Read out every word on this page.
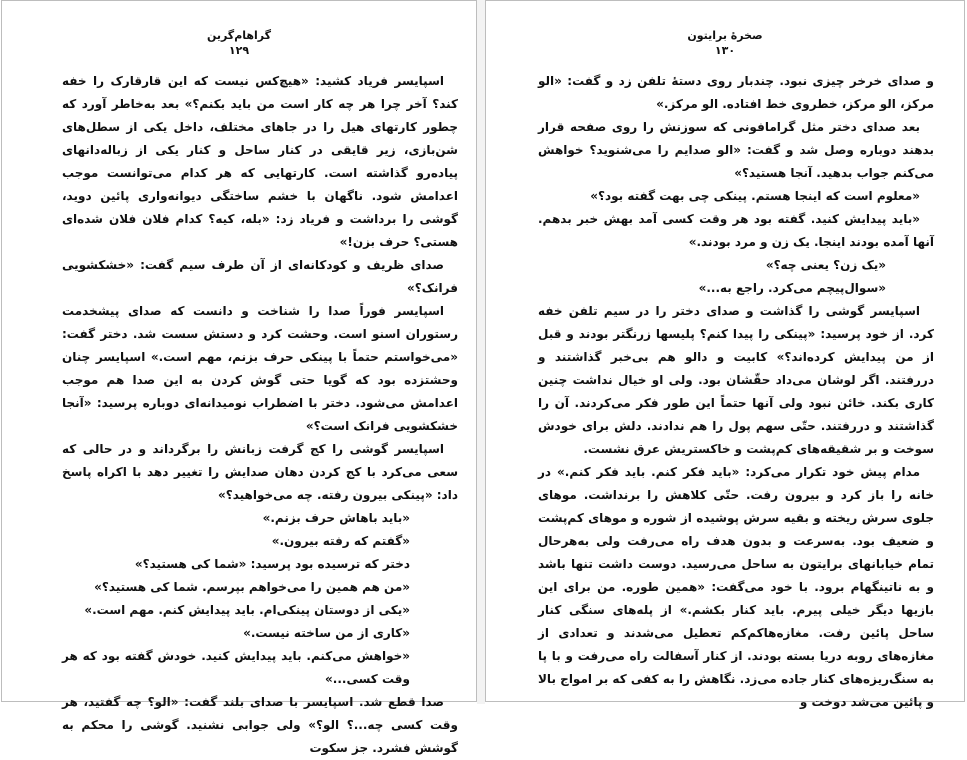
گراهام‌گرین
۱۲۹

اسپایسر فریاد کشید: «هیچ‌کس نیست که این قارقارک را خفه کند؟ آخر چرا هر چه کار است من باید بکنم؟» بعد به‌خاطر آورد که چطور کارتهای هیل را در جاهای مختلف، داخل یکی از سطل‌های شن‌بازی، زیر قایقی در کنار ساحل و کنار یکی از زباله‌دانهای پیاده‌رو گذاشته است. کارتهایی که هر کدام می‌توانست موجب اعدامش شود. ناگهان با خشم ساختگی دیوانه‌واری پائین دوید، گوشی را برداشت و فریاد زد: «بله، کیه؟ کدام فلان فلان شده‌ای هستی؟ حرف بزن!»

صدای ظریف و کودکانه‌ای از آن طرف سیم گفت: «خشکشویی فرانک؟»

اسپایسر فوراً صدا را شناخت و دانست که صدای پیشخدمت رستوران اسنو است. وحشت کرد و دستش سست شد. دختر گفت: «می‌خواستم حتماً با پینکی حرف بزنم، مهم است.» اسپایسر چنان وحشتزده بود که گویا حتی گوش کردن به این صدا هم موجب اعدامش می‌شود. دختر با اضطراب نومیدانه‌ای دوباره پرسید: «آنجا خشکشویی فرانک است؟»

اسپایسر گوشی را کج گرفت زبانش را برگرداند و در حالی که سعی می‌کرد با کج کردن دهان صدایش را تغییر دهد با اکراه پاسخ داد: «پینکی بیرون رفته. چه می‌خواهید؟»

«باید باهاش حرف بزنم.»

«گفتم که رفته بیرون.»

دختر که ترسیده بود پرسید: «شما کی هستید؟»

«من هم همین را می‌خواهم بپرسم. شما کی هستید؟»

«یکی از دوستان پینکی‌ام. باید پیدایش کنم. مهم است.»

«کاری از من ساخته نیست.»

«خواهش می‌کنم. باید پیدایش کنید. خودش گفته بود که هر وقت کسی...»

صدا قطع شد. اسپایسر با صدای بلند گفت: «الو؟ چه گفتید، هر وقت کسی چه...؟ الو؟» ولی جوابی نشنید. گوشی را محکم به گوشش فشرد. جز سکوت

صخرهٔ برایتون
۱۳۰

و صدای خرخر چیزی نبود. چندبار روی دستهٔ تلفن زد و گفت: «الو مرکز، الو مرکز، خطروی خط افتاده. الو مرکز.»

بعد صدای دختر مثل گرامافونی که سوزنش را روی صفحه قرار بدهند دوباره وصل شد و گفت: «الو صدایم را می‌شنوید؟ خواهش می‌کنم جواب بدهید. آنجا هستید؟»

«معلوم است که اینجا هستم. پینکی چی بهت گفته بود؟»

«باید پیدایش کنید. گفته بود هر وقت کسی آمد بهش خبر بدهم. آنها آمده بودند اینجا. یک زن و مرد بودند.»

«یک زن؟ یعنی چه؟»

«سوال‌پیچم می‌کرد. راجع به...»

اسپایسر گوشی را گذاشت و صدای دختر را در سیم تلفن خفه کرد. از خود پرسید: «پینکی را پیدا کنم؟ پلیسها زرنگتر بودند و قبل از من پیدایش کرده‌اند؟» کابیت و دالو هم بی‌خبر گذاشتند و دررفتند. اگر لوشان می‌داد حقّشان بود. ولی او خیال نداشت چنین کاری بکند. خائن نبود ولی آنها حتماً این طور فکر می‌کردند. آن را گذاشتند و دررفتند. حتّی سهم پول را هم ندادند. دلش برای خودش سوخت و بر شقیقه‌های کم‌پشت و خاکستریش عرق نشست.

مدام پیش خود تکرار می‌کرد: «باید فکر کنم. باید فکر کنم.» در خانه را باز کرد و بیرون رفت. حتّی کلاهش را برنداشت. موهای جلوی سرش ریخته و بقیه سرش پوشیده از شوره و موهای کم‌پشت و ضعیف بود. به‌سرعت و بدون هدف راه می‌رفت ولی به‌هرحال تمام خیابانهای برایتون به ساحل می‌رسید. دوست داشت تنها باشد و به ناتینگهام برود. با خود می‌گفت: «همین طوره. من برای این بازیها دیگر خیلی پیرم. باید کنار بکشم.» از پله‌های سنگی کنار ساحل پائین رفت. مغازه‌هاکم‌کم تعطیل می‌شدند و تعدادی از مغازه‌های روبه دریا بسته بودند. از کنار آسفالت راه می‌رفت و با پا به سنگ‌ریزه‌های کنار جاده می‌زد. نگاهش را به کفی که بر امواج بالا و پائین می‌شد دوخت و
